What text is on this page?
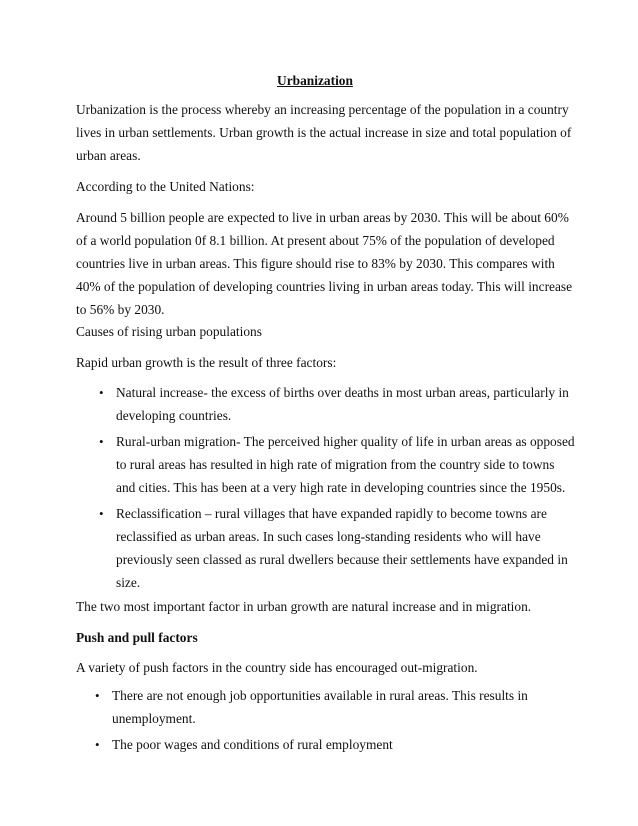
Urbanization

Urbanization is the process whereby an increasing percentage of the population in a country lives in urban settlements. Urban growth is the actual increase in size and total population of urban areas.

According to the United Nations:

Around 5 billion people are expected to live in urban areas by 2030. This will be about 60% of a world population 0f 8.1 billion. At present about 75% of the population of developed countries live in urban areas. This figure should rise to 83% by 2030. This compares with 40% of the population of developing countries living in urban areas today. This will increase to 56% by 2030.

Causes of rising urban populations

Rapid urban growth is the result of three factors:

• Natural increase- the excess of births over deaths in most urban areas, particularly in developing countries.
• Rural-urban migration- The perceived higher quality of life in urban areas as opposed to rural areas has resulted in high rate of migration from the country side to towns and cities. This has been at a very high rate in developing countries since the 1950s.
• Reclassification – rural villages that have expanded rapidly to become towns are reclassified as urban areas. In such cases long-standing residents who will have previously seen classed as rural dwellers because their settlements have expanded in size.

The two most important factor in urban growth are natural increase and in migration.

Push and pull factors

A variety of push factors in the country side has encouraged out-migration.

• There are not enough job opportunities available in rural areas. This results in unemployment.
• The poor wages and conditions of rural employment
